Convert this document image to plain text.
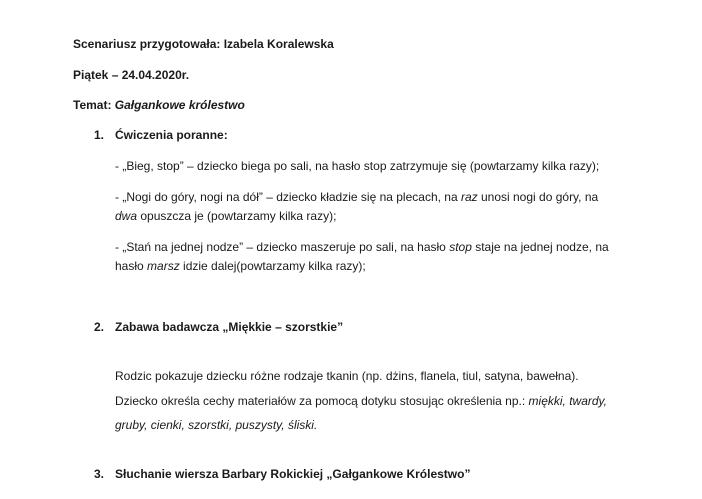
Scenariusz przygotowała: Izabela Koralewska
Piątek – 24.04.2020r.
Temat: Gałgankowe królestwo
1. Ćwiczenia poranne:
- „Bieg, stop” – dziecko biega po sali, na hasło stop zatrzymuje się (powtarzamy kilka razy);
- „Nogi do góry, nogi na dół” – dziecko kładzie się na plecach, na raz unosi nogi do góry, na
dwa opuszcza je (powtarzamy kilka razy);
- „Stań na jednej nodze” – dziecko maszeruje po sali, na hasło stop staje na jednej nodze, na
hasło marsz idzie dalej(powtarzamy kilka razy);
2. Zabawa badawcza „Miękkie – szorstkie”
Rodzic pokazuje dziecku różne rodzaje tkanin (np. dżins, flanela, tiul, satyna, bawełna).
Dziecko określa cechy materiałów za pomocą dotyku stosując określenia np.: miękki, twardy,
gruby, cienki, szorstki, puszysty, śliski.
3. Słuchanie wiersza Barbary Rokickiej „Gałgankowe Królestwo”
